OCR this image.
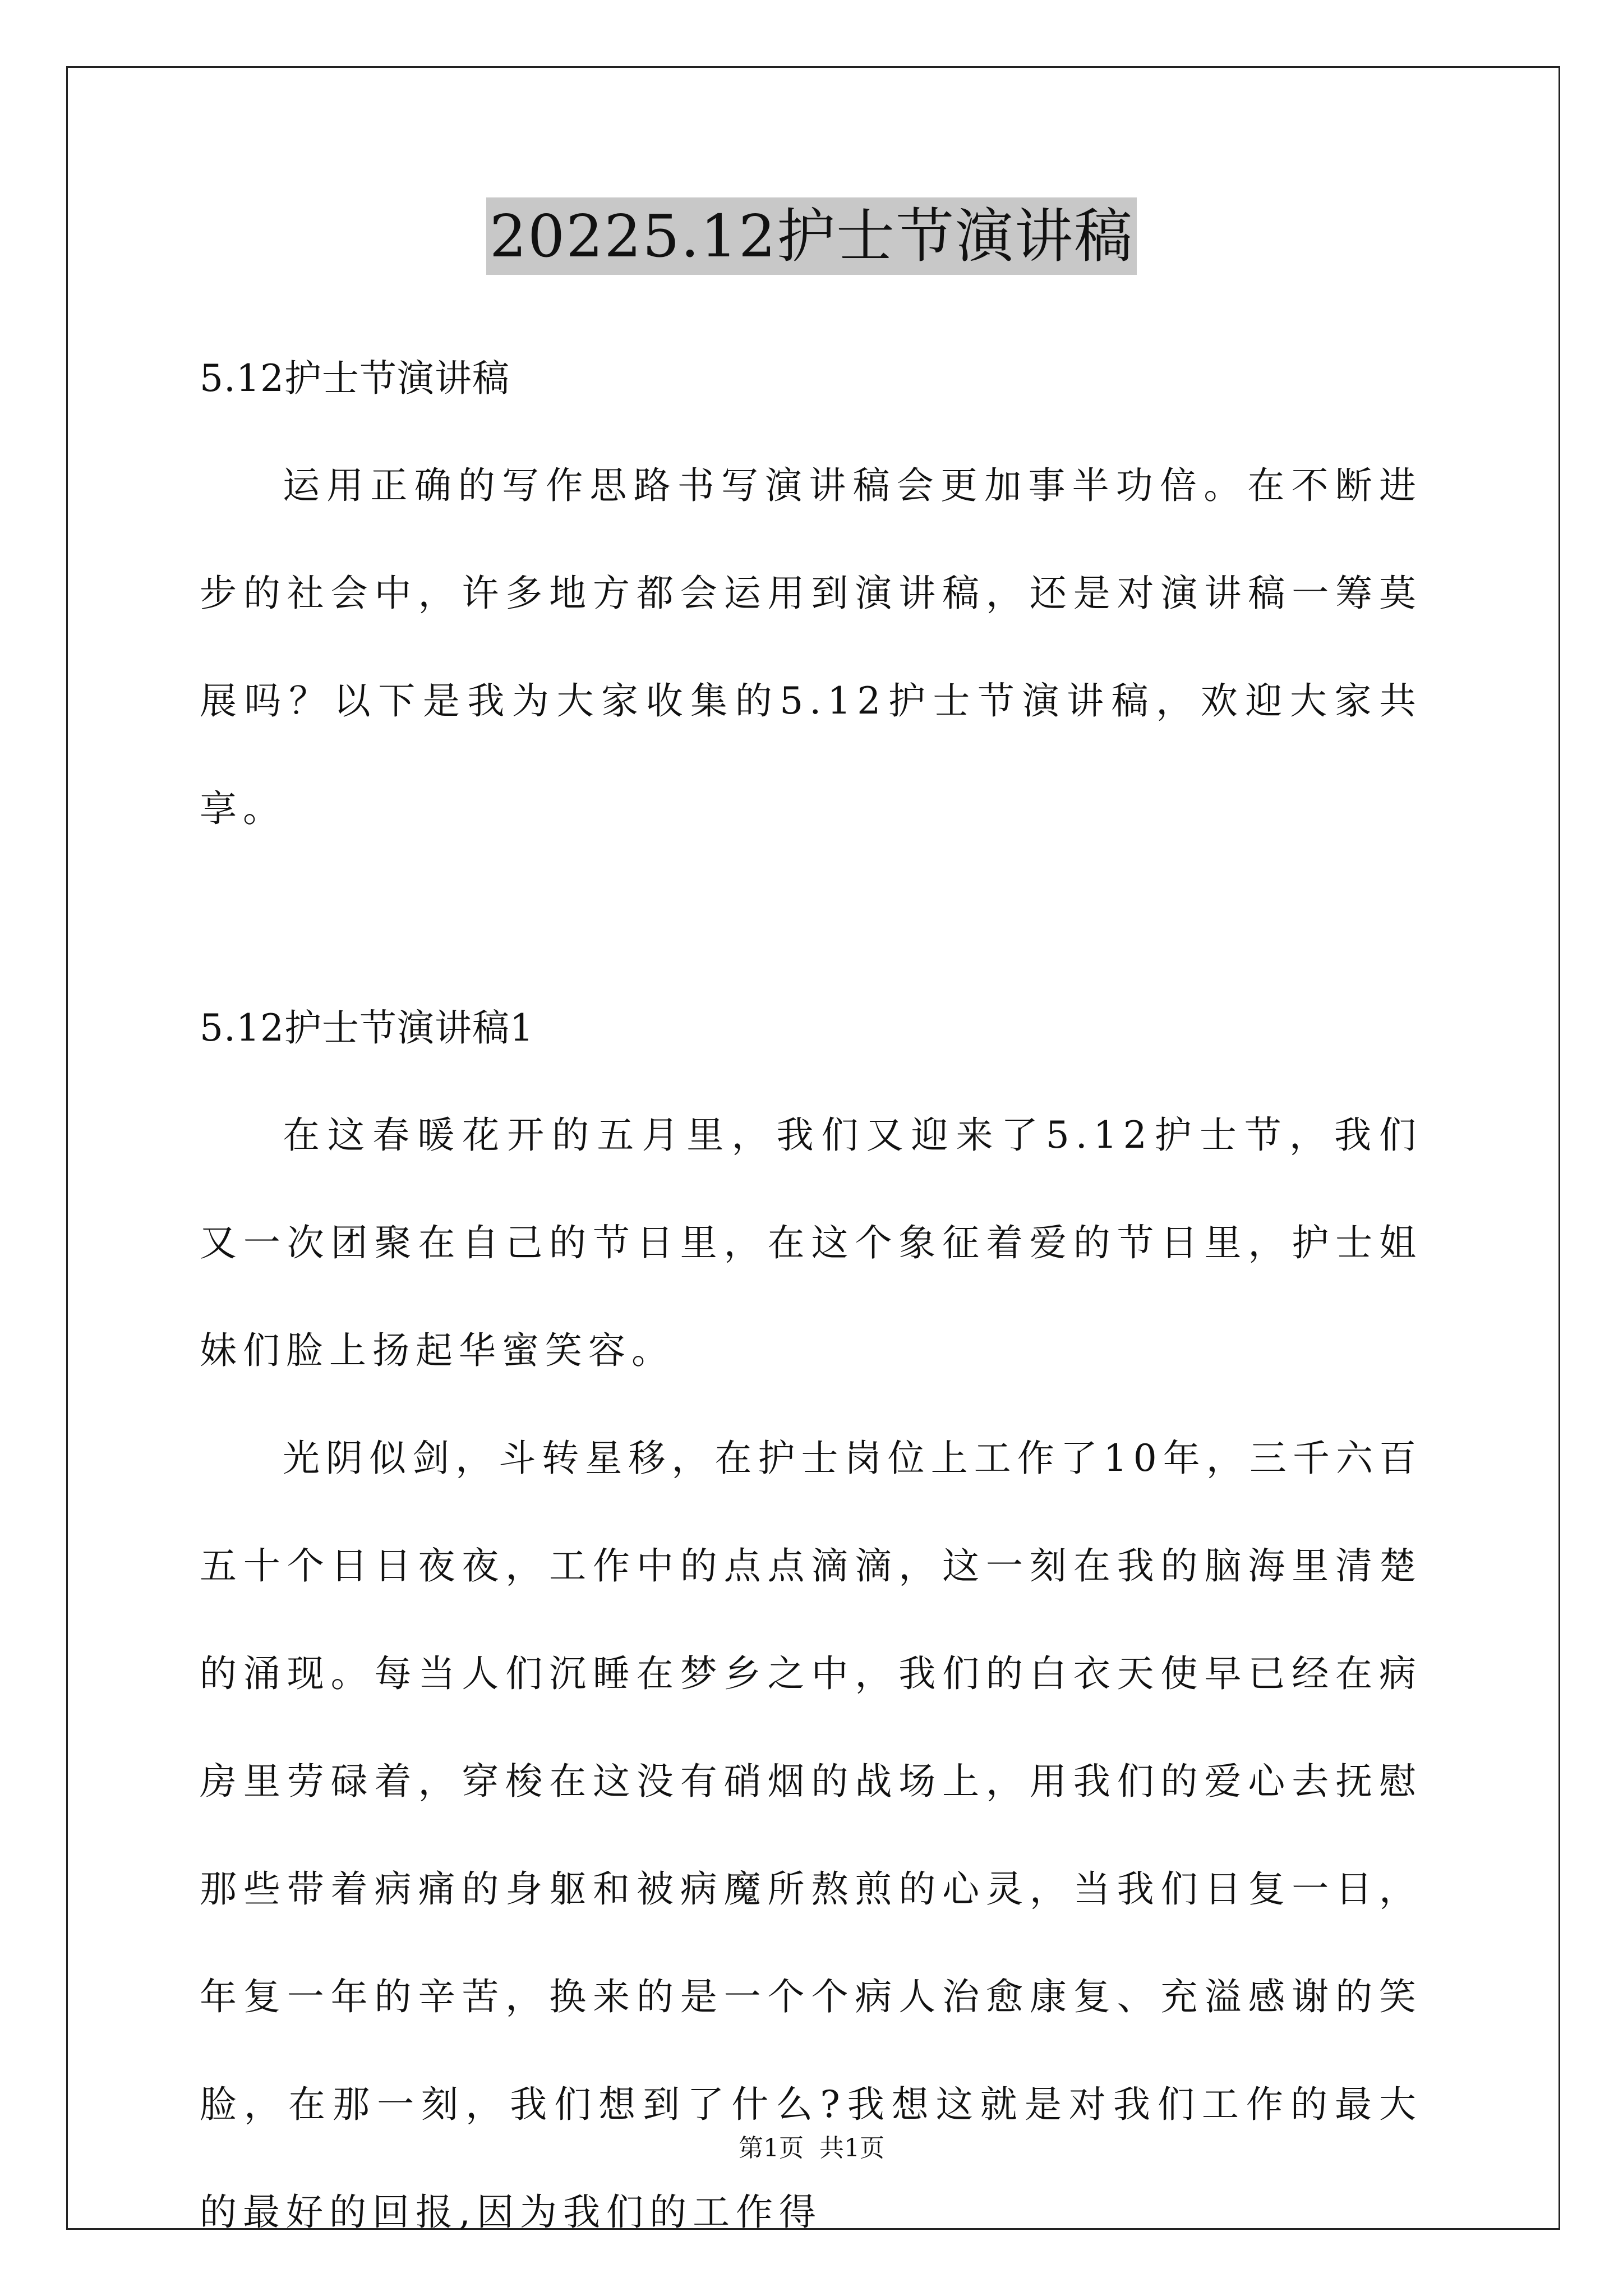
20225.12护士节演讲稿

5.12护士节演讲稿

运用正确的写作思路书写演讲稿会更加事半功倍。在不断进步的社会中，许多地方都会运用到演讲稿，还是对演讲稿一筹莫展吗？以下是我为大家收集的5.12护士节演讲稿，欢迎大家共享。

5.12护士节演讲稿1

在这春暖花开的五月里，我们又迎来了5.12护士节，我们又一次团聚在自己的节日里，在这个象征着爱的节日里，护士姐妹们脸上扬起华蜜笑容。

光阴似剑，斗转星移，在护士岗位上工作了10年，三千六百五十个日日夜夜，工作中的点点滴滴，这一刻在我的脑海里清楚的涌现。每当人们沉睡在梦乡之中，我们的白衣天使早已经在病房里劳碌着，穿梭在这没有硝烟的战场上，用我们的爱心去抚慰那些带着病痛的身躯和被病魔所熬煎的心灵，当我们日复一日，年复一年的辛苦，换来的是一个个病人治愈康复、充溢感谢的笑脸，在那一刻，我们想到了什么?我想这就是对我们工作的最大的最好的回报,因为我们的工作得

第1页 共1页
